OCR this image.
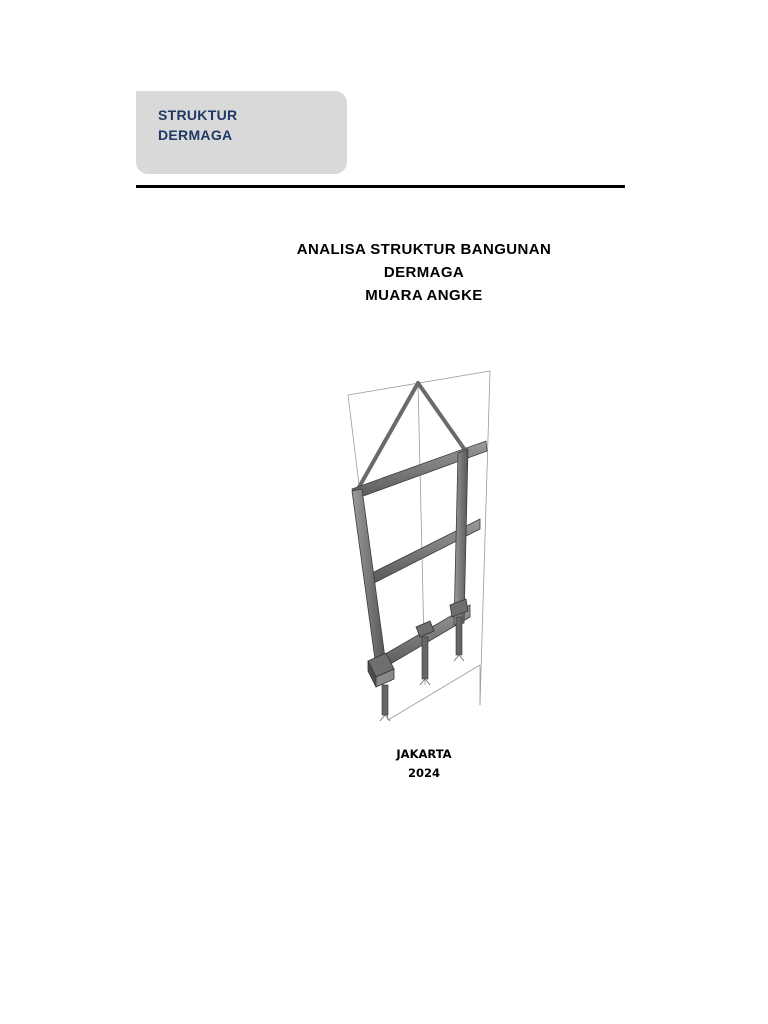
STRUKTUR
DERMAGA
ANALISA STRUKTUR BANGUNAN
DERMAGA
MUARA ANGKE
JAKARTA
2024
